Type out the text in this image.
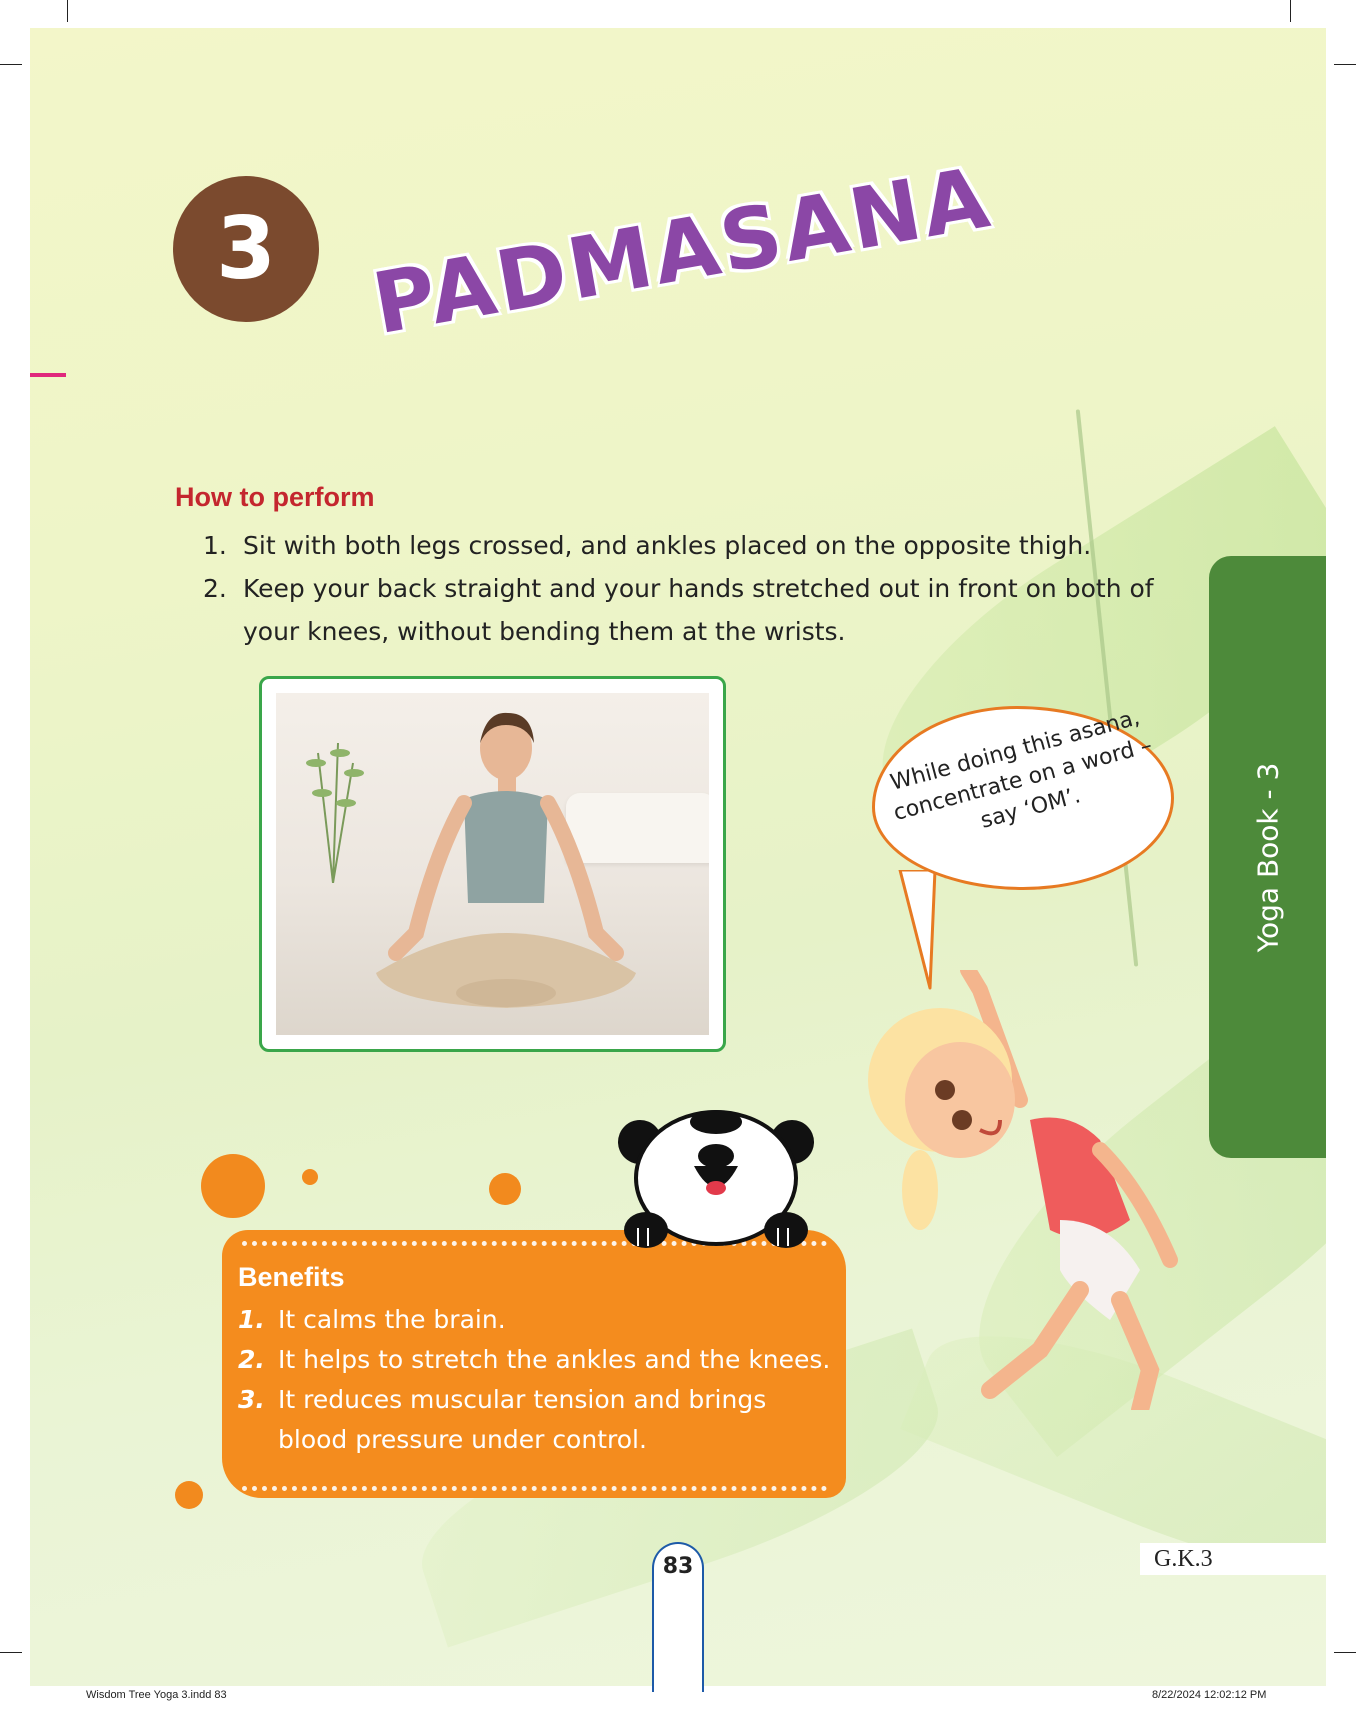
3 PADMASANA
How to perform
1. Sit with both legs crossed, and ankles placed on the opposite thigh.
2. Keep your back straight and your hands stretched out in front on both of your knees, without bending them at the wrists.
While doing this asana, concentrate on a word – say ‘OM’.	Yoga Book - 3
Benefits
1. It calms the brain.
2. It helps to stretch the ankles and the knees.
3. It reduces muscular tension and brings blood pressure under control.
83	G.K.3
Wisdom Tree Yoga 3.indd 83	8/22/2024 12:02:12 PM
